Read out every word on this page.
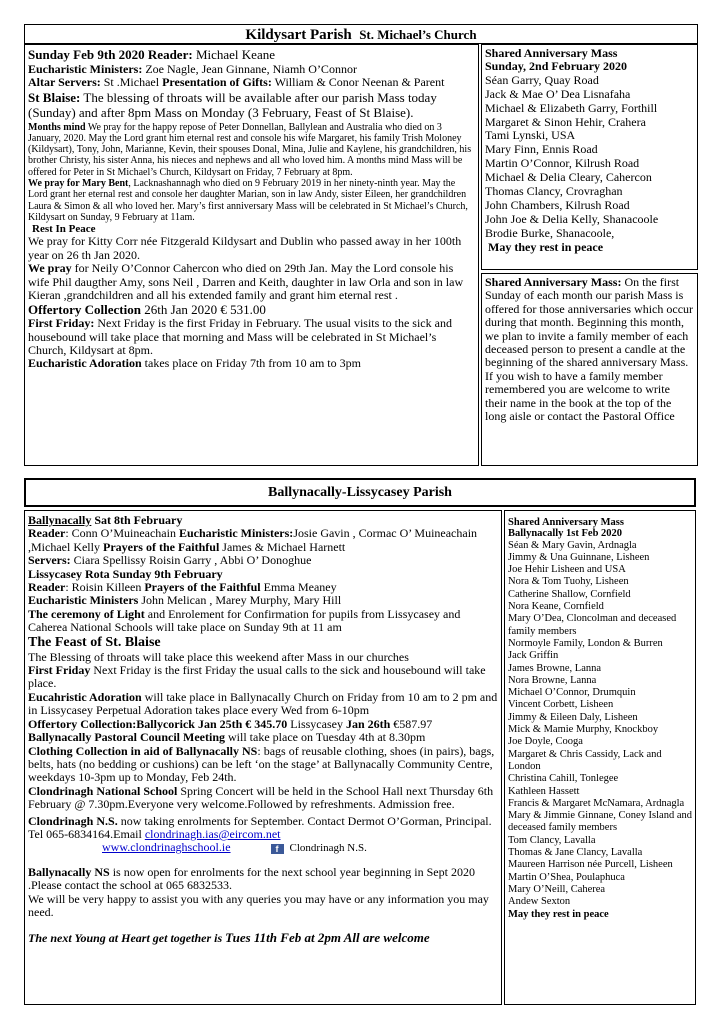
Kildysart Parish St. Michael’s Church

Sunday Feb 9th 2020 Reader: Michael Keane

Eucharistic Ministers: Zoe Nagle, Jean Ginnane, Niamh O’Connor

Altar Servers: St .Michael Presentation of Gifts: William & Conor Neenan & Parent

St Blaise: The blessing of throats will be available after our parish Mass today (Sunday) and after 8pm Mass on Monday (3 February, Feast of St Blaise).

Months mind We pray for the happy repose of Peter Donnellan, Ballylean and Australia who died on 3 January, 2020. May the Lord grant him eternal rest and console his wife Margaret, his family Trish Moloney (Kildysart), Tony, John, Marianne, Kevin, their spouses Donal, Mina, Julie and Kaylene, his grandchildren, his brother Christy, his sister Anna, his nieces and nephews and all who loved him. A months mind Mass will be offered for Peter in St Michael’s Church, Kildysart on Friday, 7 February at 8pm.

We pray for Mary Bent, Lacknashannagh who died on 9 February 2019 in her ninety-ninth year. May the Lord grant her eternal rest and console her daughter Marian, son in law Andy, sister Eileen, her grandchildren Laura & Simon & all who loved her. Mary’s first anniversary Mass will be celebrated in St Michael’s Church, Kildysart on Sunday, 9 February at 11am.

Rest In Peace

We pray for Kitty Corr née Fitzgerald Kildysart and Dublin who passed away in her 100th year on 26 th Jan 2020.

We pray for Neily O’Connor Cahercon who died on 29th Jan. May the Lord console his wife Phil daugther Amy, sons Neil , Darren and Keith, daughter in law Orla and son in law Kieran ,grandchildren and all his extended family and grant him eternal rest .

Offertory Collection 26th Jan 2020 € 531.00

First Friday: Next Friday is the first Friday in February. The usual visits to the sick and housebound will take place that morning and Mass will be celebrated in St Michael’s Church, Kildysart at 8pm.

Eucharistic Adoration takes place on Friday 7th from 10 am to 3pm

Shared Anniversary Mass

Sunday, 2nd February 2020

Séan Garry, Quay Road

Jack & Mae O’ Dea Lisnafaha

Michael & Elizabeth Garry, Forthill

Margaret & Sinon Hehir, Crahera

Tami Lynski, USA

Mary Finn, Ennis Road

Martin O’Connor, Kilrush Road

Michael & Delia Cleary, Cahercon

Thomas Clancy, Crovraghan

John Chambers, Kilrush Road

John Joe & Delia Kelly, Shanacoole

Brodie Burke, Shanacoole,

May they rest in peace

Shared Anniversary Mass: On the first Sunday of each month our parish Mass is offered for those anniversaries which occur during that month. Beginning this month, we plan to invite a family member of each deceased person to present a candle at the beginning of the shared anniversary Mass. If you wish to have a family member remembered you are welcome to write their name in the book at the top of the long aisle or contact the Pastoral Office

Ballynacally-Lissycasey Parish

Ballynacally Sat 8th February

Reader: Conn O’Muineachain Eucharistic Ministers:Josie Gavin , Cormac O’ Muineachain ,Michael Kelly Prayers of the Faithful James & Michael Harnett

Servers: Ciara Spellissy Roisin Garry , Abbi O’ Donoghue

Lissycasey Rota Sunday 9th February

Reader: Roisin Killeen Prayers of the Faithful Emma Meaney

Eucharistic Ministers John Melican , Marey Murphy, Mary Hill

The ceremony of Light and Enrolement for Confirmation for pupils from Lissycasey and Caherea National Schools will take place on Sunday 9th at 11 am

The Feast of St. Blaise

The Blessing of throats will take place this weekend after Mass in our churches

First Friday Next Friday is the first Friday the usual calls to the sick and housebound will take place.

Eucahristic Adoration will take place in Ballynacally Church on Friday from 10 am to 2 pm and in Lissycasey Perpetual Adoration takes place every Wed from 6-10pm

Offertory Collection:Ballycorick Jan 25th € 345.70 Lissycasey Jan 26th €587.97

Ballynacally Pastoral Council Meeting will take place on Tuesday 4th at 8.30pm

Clothing Collection in aid of Ballynacally NS: bags of reusable clothing, shoes (in pairs), bags, belts, hats (no bedding or cushions) can be left ‘on the stage’ at Ballynacally Community Centre, weekdays 10-3pm up to Monday, Feb 24th.

Clondrinagh National School Spring Concert will be held in the School Hall next Thursday 6th February @ 7.30pm.Everyone very welcome.Followed by refreshments. Admission free.

Clondrinagh N.S. now taking enrolments for September. Contact Dermot O’Gorman, Principal. Tel 065-6834164.Email clondrinagh.ias@eircom.net

www.clondrinaghschool.ie	f Clondrinagh N.S.

Ballynacally NS is now open for enrolments for the next school year beginning in Sept 2020 .Please contact the school at 065 6832533.

We will be very happy to assist you with any queries you may have or any information you may need.

The next Young at Heart get together is Tues 11th Feb at 2pm All are welcome

Shared Anniversary Mass

Ballynacally 1st Feb 2020

Séan & Mary Gavin, Ardnagla

Jimmy & Una Guinnane, Lisheen

Joe Hehir Lisheen and USA

Nora & Tom Tuohy, Lisheen

Catherine Shallow, Cornfield

Nora Keane, Cornfield

Mary O’Dea, Cloncolman and deceased family members

Normoyle Family, London & Burren

Jack Griffin

James Browne, Lanna

Nora Browne, Lanna

Michael O’Connor, Drumquin

Vincent Corbett, Lisheen

Jimmy & Eileen Daly, Lisheen

Mick & Mamie Murphy, Knockboy

Joe Doyle, Cooga

Margaret & Chris Cassidy, Lack and London

Christina Cahill, Tonlegee

Kathleen Hassett

Francis & Margaret McNamara, Ardnagla

Mary & Jimmie Ginnane, Coney Island and deceased family members

Tom Clancy, Lavalla

Thomas & Jane Clancy, Lavalla

Maureen Harrison née Purcell, Lisheen

Martin O’Shea, Poulaphuca

Mary O’Neill, Caherea

Andew Sexton

May they rest in peace
